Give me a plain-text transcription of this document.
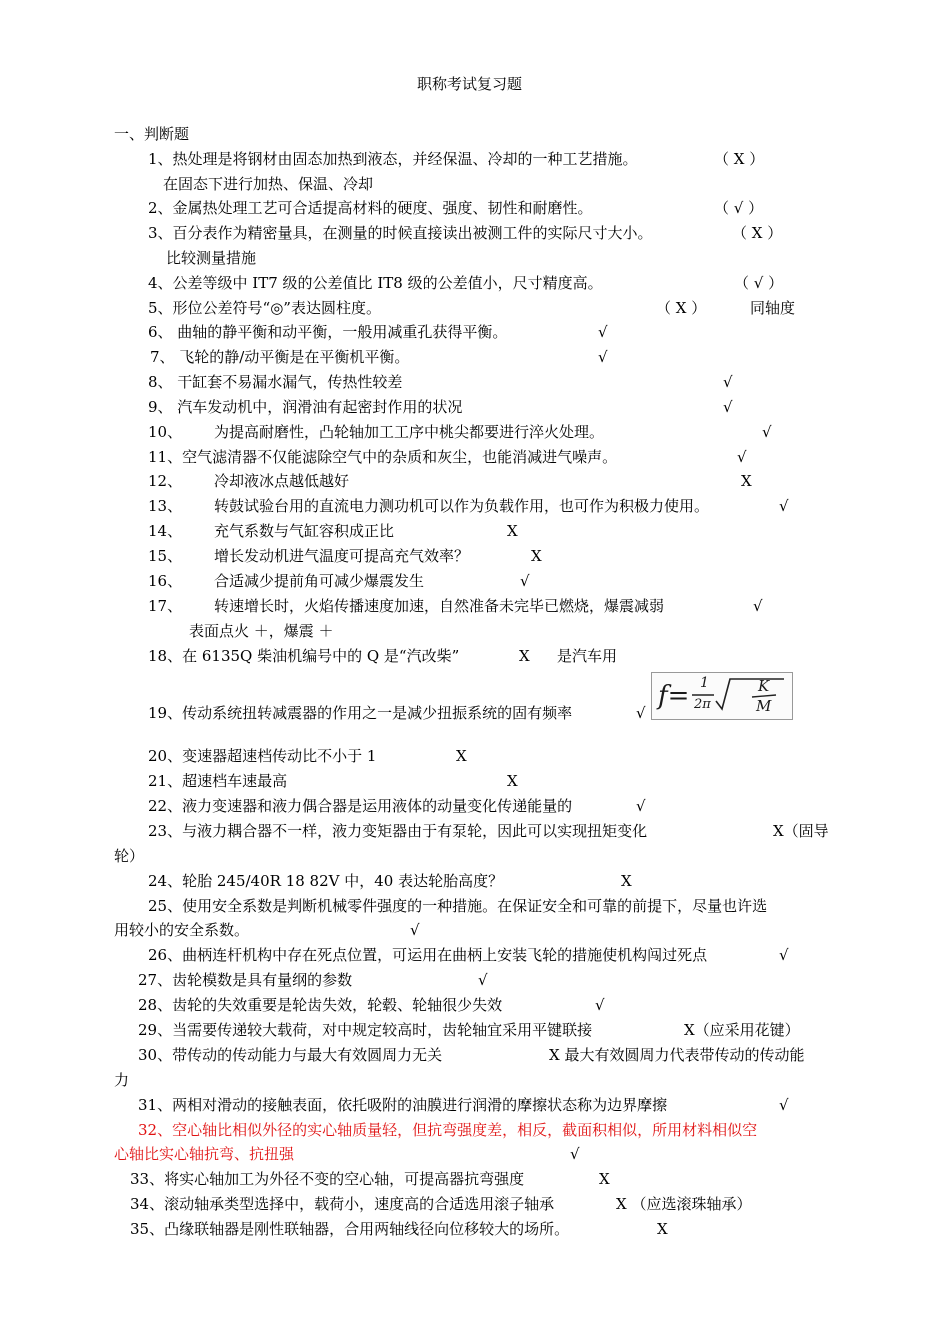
职称考试复习题
一、判断题
1、热处理是将钢材由固态加热到液态，并经保温、冷却的一种工艺措施。	（ X ）
在固态下进行加热、保温、冷却
2、金属热处理工艺可合适提高材料的硬度、强度、韧性和耐磨性。	（ √ ）
3、百分表作为精密量具，在测量的时候直接读出被测工件的实际尺寸大小。	（ X ）
比较测量措施
4、公差等级中 IT7 级的公差值比 IT8 级的公差值小，尺寸精度高。	（ √ ）
5、形位公差符号“◎”表达圆柱度。	（ X ）	同轴度
6、 曲轴的静平衡和动平衡，一般用减重孔获得平衡。	√
7、 飞轮的静/动平衡是在平衡机平衡。	√
8、 干缸套不易漏水漏气，传热性较差	√
9、 汽车发动机中，润滑油有起密封作用的状况	√
10、 为提高耐磨性，凸轮轴加工工序中桃尖都要进行淬火处理。	√
11、空气滤清器不仅能滤除空气中的杂质和灰尘，也能消减进气噪声。	√
12、 冷却液冰点越低越好	X
13、 转鼓试验台用的直流电力测功机可以作为负载作用，也可作为积极力使用。	√
14、 充气系数与气缸容积成正比	X
15、 增长发动机进气温度可提高充气效率？	X
16、 合适减少提前角可减少爆震发生	√
17、 转速增长时，火焰传播速度加速，自然准备未完毕已燃烧，爆震减弱	√
表面点火 ＋，爆震 ＋
18、在 6135Q 柴油机编号中的 Q 是“汽改柴”	X 是汽车用
19、传动系统扭转减震器的作用之一是减少扭振系统的固有频率	√
f= 1
2π
K
M
20、变速器超速档传动比不小于 1	X
21、超速档车速最高	X
22、液力变速器和液力偶合器是运用液体的动量变化传递能量的	√
23、与液力耦合器不一样，液力变矩器由于有泵轮，因此可以实现扭矩变化	X（固导
轮）
24、轮胎 245/40R 18 82V 中，40 表达轮胎高度？	X
25、使用安全系数是判断机械零件强度的一种措施。在保证安全和可靠的前提下，尽量也许选
用较小的安全系数。	√
26、曲柄连杆机构中存在死点位置，可运用在曲柄上安装飞轮的措施使机构闯过死点	√
27、齿轮模数是具有量纲的参数	√
28、齿轮的失效重要是轮齿失效，轮毂、轮轴很少失效	√
29、当需要传递较大载荷，对中规定较高时，齿轮轴宜采用平键联接	X（应采用花键）
30、带传动的传动能力与最大有效圆周力无关	X 最大有效圆周力代表带传动的传动能
力
31、两相对滑动的接触表面，依托吸附的油膜进行润滑的摩擦状态称为边界摩擦	√
32、空心轴比相似外径的实心轴质量轻，但抗弯强度差，相反，截面积相似，所用材料相似空
心轴比实心轴抗弯、抗扭强	√
33、将实心轴加工为外径不变的空心轴，可提高器抗弯强度	X
34、滚动轴承类型选择中，载荷小，速度高的合适选用滚子轴承	X （应选滚珠轴承）
35、凸缘联轴器是刚性联轴器，合用两轴线径向位移较大的场所。	X
